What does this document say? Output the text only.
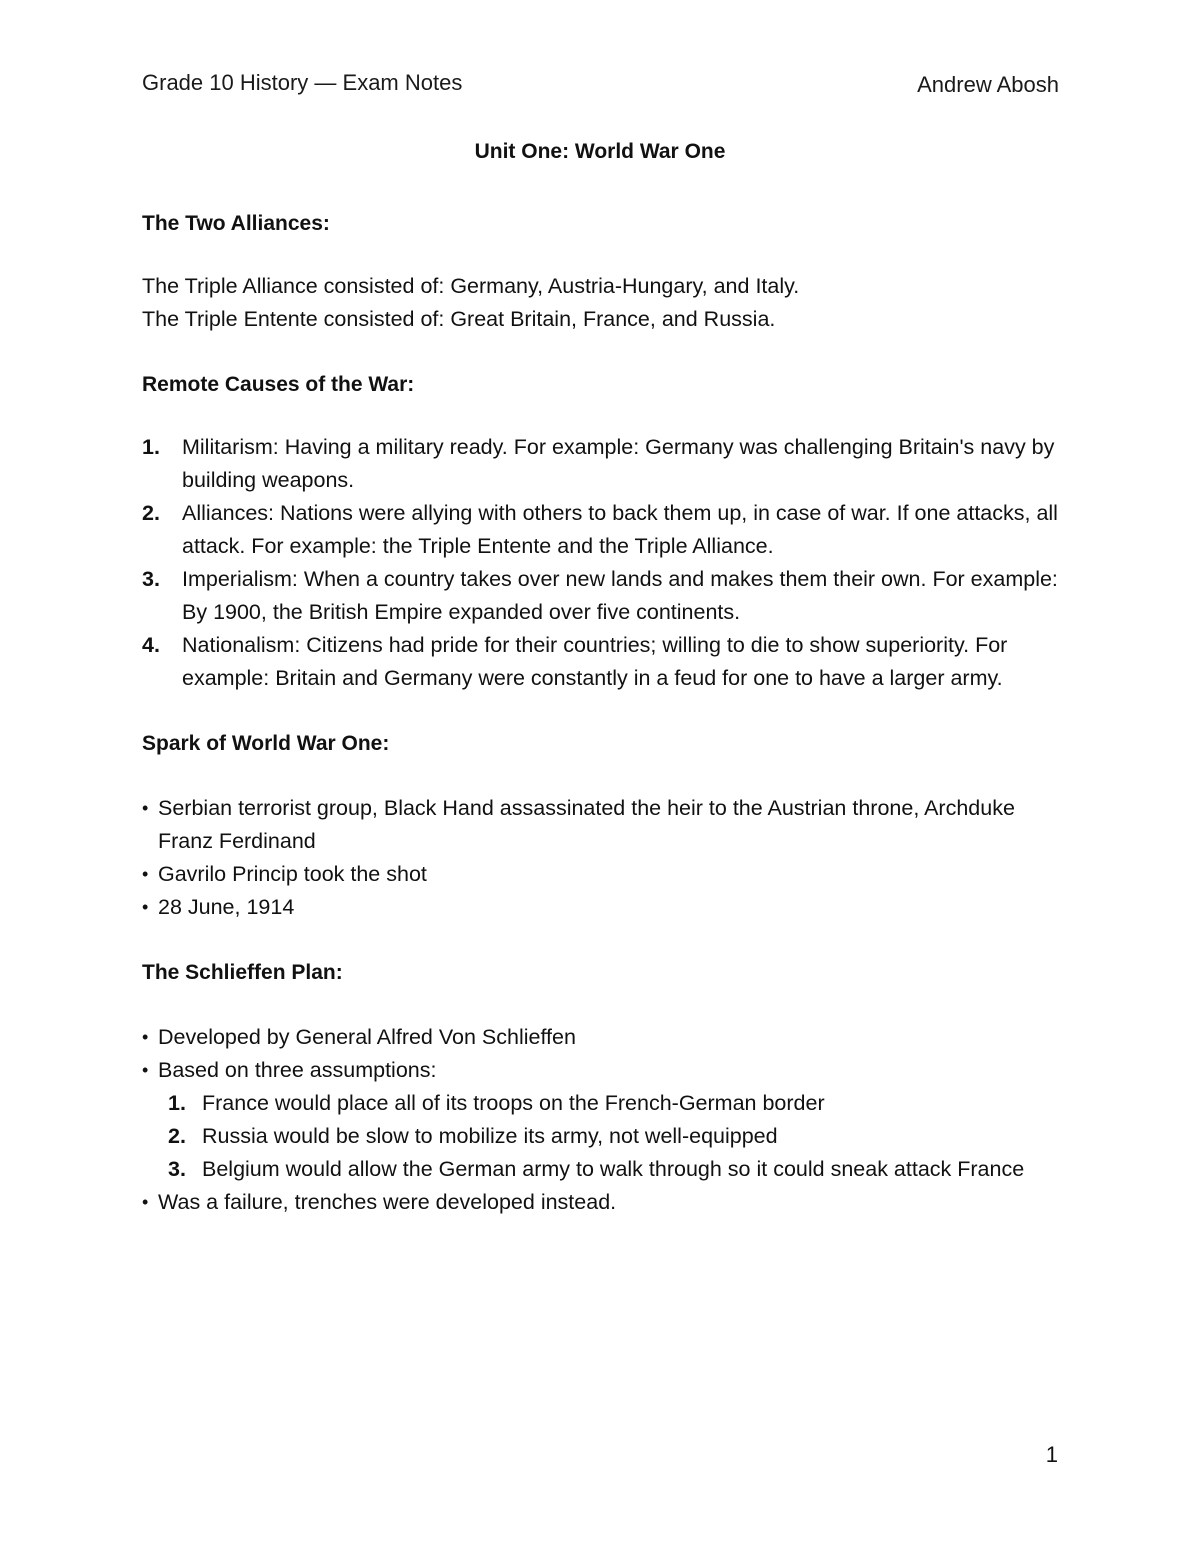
Grade 10 History — Exam Notes	Andrew Abosh
Unit One: World War One
The Two Alliances:

The Triple Alliance consisted of: Germany, Austria-Hungary, and Italy.

The Triple Entente consisted of: Great Britain, France, and Russia.

Remote Causes of the War:
1. Militarism: Having a military ready. For example: Germany was challenging Britain's navy by building weapons.
2. Alliances: Nations were allying with others to back them up, in case of war. If one attacks, all attack. For example: the Triple Entente and the Triple Alliance.
3. Imperialism: When a country takes over new lands and makes them their own. For example: By 1900, the British Empire expanded over five continents.
4. Nationalism: Citizens had pride for their countries; willing to die to show superiority. For example: Britain and Germany were constantly in a feud for one to have a larger army.
Spark of World War One:
• Serbian terrorist group, Black Hand assassinated the heir to the Austrian throne, Archduke Franz Ferdinand
• Gavrilo Princip took the shot
• 28 June, 1914
The Schlieffen Plan:
• Developed by General Alfred Von Schlieffen
• Based on three assumptions:
1. France would place all of its troops on the French-German border
2. Russia would be slow to mobilize its army, not well-equipped
3. Belgium would allow the German army to walk through so it could sneak attack France
• Was a failure, trenches were developed instead.
1
